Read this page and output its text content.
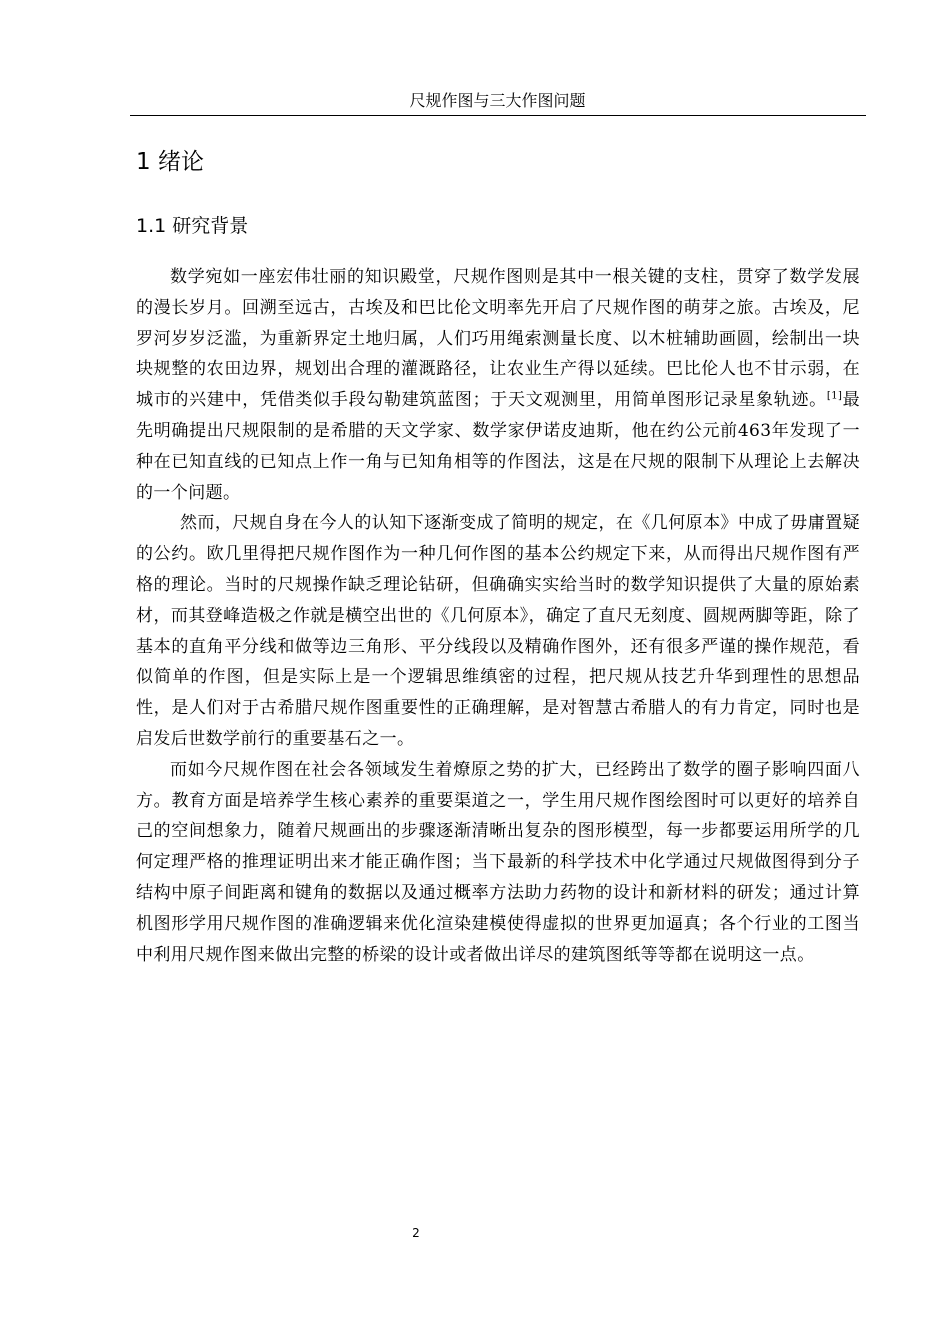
尺规作图与三大作图问题
1 绪论
1.1 研究背景

数学宛如一座宏伟壮丽的知识殿堂，尺规作图则是其中一根关键的支柱，贯穿了数学发展的漫长岁月。回溯至远古，古埃及和巴比伦文明率先开启了尺规作图的萌芽之旅。古埃及，尼罗河岁岁泛滥，为重新界定土地归属，人们巧用绳索测量长度、以木桩辅助画圆，绘制出一块块规整的农田边界，规划出合理的灌溉路径，让农业生产得以延续。巴比伦人也不甘示弱，在城市的兴建中，凭借类似手段勾勒建筑蓝图；于天文观测里，用简单图形记录星象轨迹。[1]最先明确提出尺规限制的是希腊的天文学家、数学家伊诺皮迪斯，他在约公元前463年发现了一种在已知直线的已知点上作一角与已知角相等的作图法，这是在尺规的限制下从理论上去解决的一个问题。

然而，尺规自身在今人的认知下逐渐变成了简明的规定，在《几何原本》中成了毋庸置疑的公约。欧几里得把尺规作图作为一种几何作图的基本公约规定下来，从而得出尺规作图有严格的理论。当时的尺规操作缺乏理论钻研，但确确实实给当时的数学知识提供了大量的原始素材，而其登峰造极之作就是横空出世的《几何原本》，确定了直尺无刻度、圆规两脚等距，除了基本的直角平分线和做等边三角形、平分线段以及精确作图外，还有很多严谨的操作规范，看似简单的作图，但是实际上是一个逻辑思维缜密的过程，把尺规从技艺升华到理性的思想品性，是人们对于古希腊尺规作图重要性的正确理解，是对智慧古希腊人的有力肯定，同时也是启发后世数学前行的重要基石之一。

而如今尺规作图在社会各领域发生着燎原之势的扩大，已经跨出了数学的圈子影响四面八方。教育方面是培养学生核心素养的重要渠道之一，学生用尺规作图绘图时可以更好的培养自己的空间想象力，随着尺规画出的步骤逐渐清晰出复杂的图形模型，每一步都要运用所学的几何定理严格的推理证明出来才能正确作图；当下最新的科学技术中化学通过尺规做图得到分子结构中原子间距离和键角的数据以及通过概率方法助力药物的设计和新材料的研发；通过计算机图形学用尺规作图的准确逻辑来优化渲染建模使得虚拟的世界更加逼真；各个行业的工图当中利用尺规作图来做出完整的桥梁的设计或者做出详尽的建筑图纸等等都在说明这一点。

2
